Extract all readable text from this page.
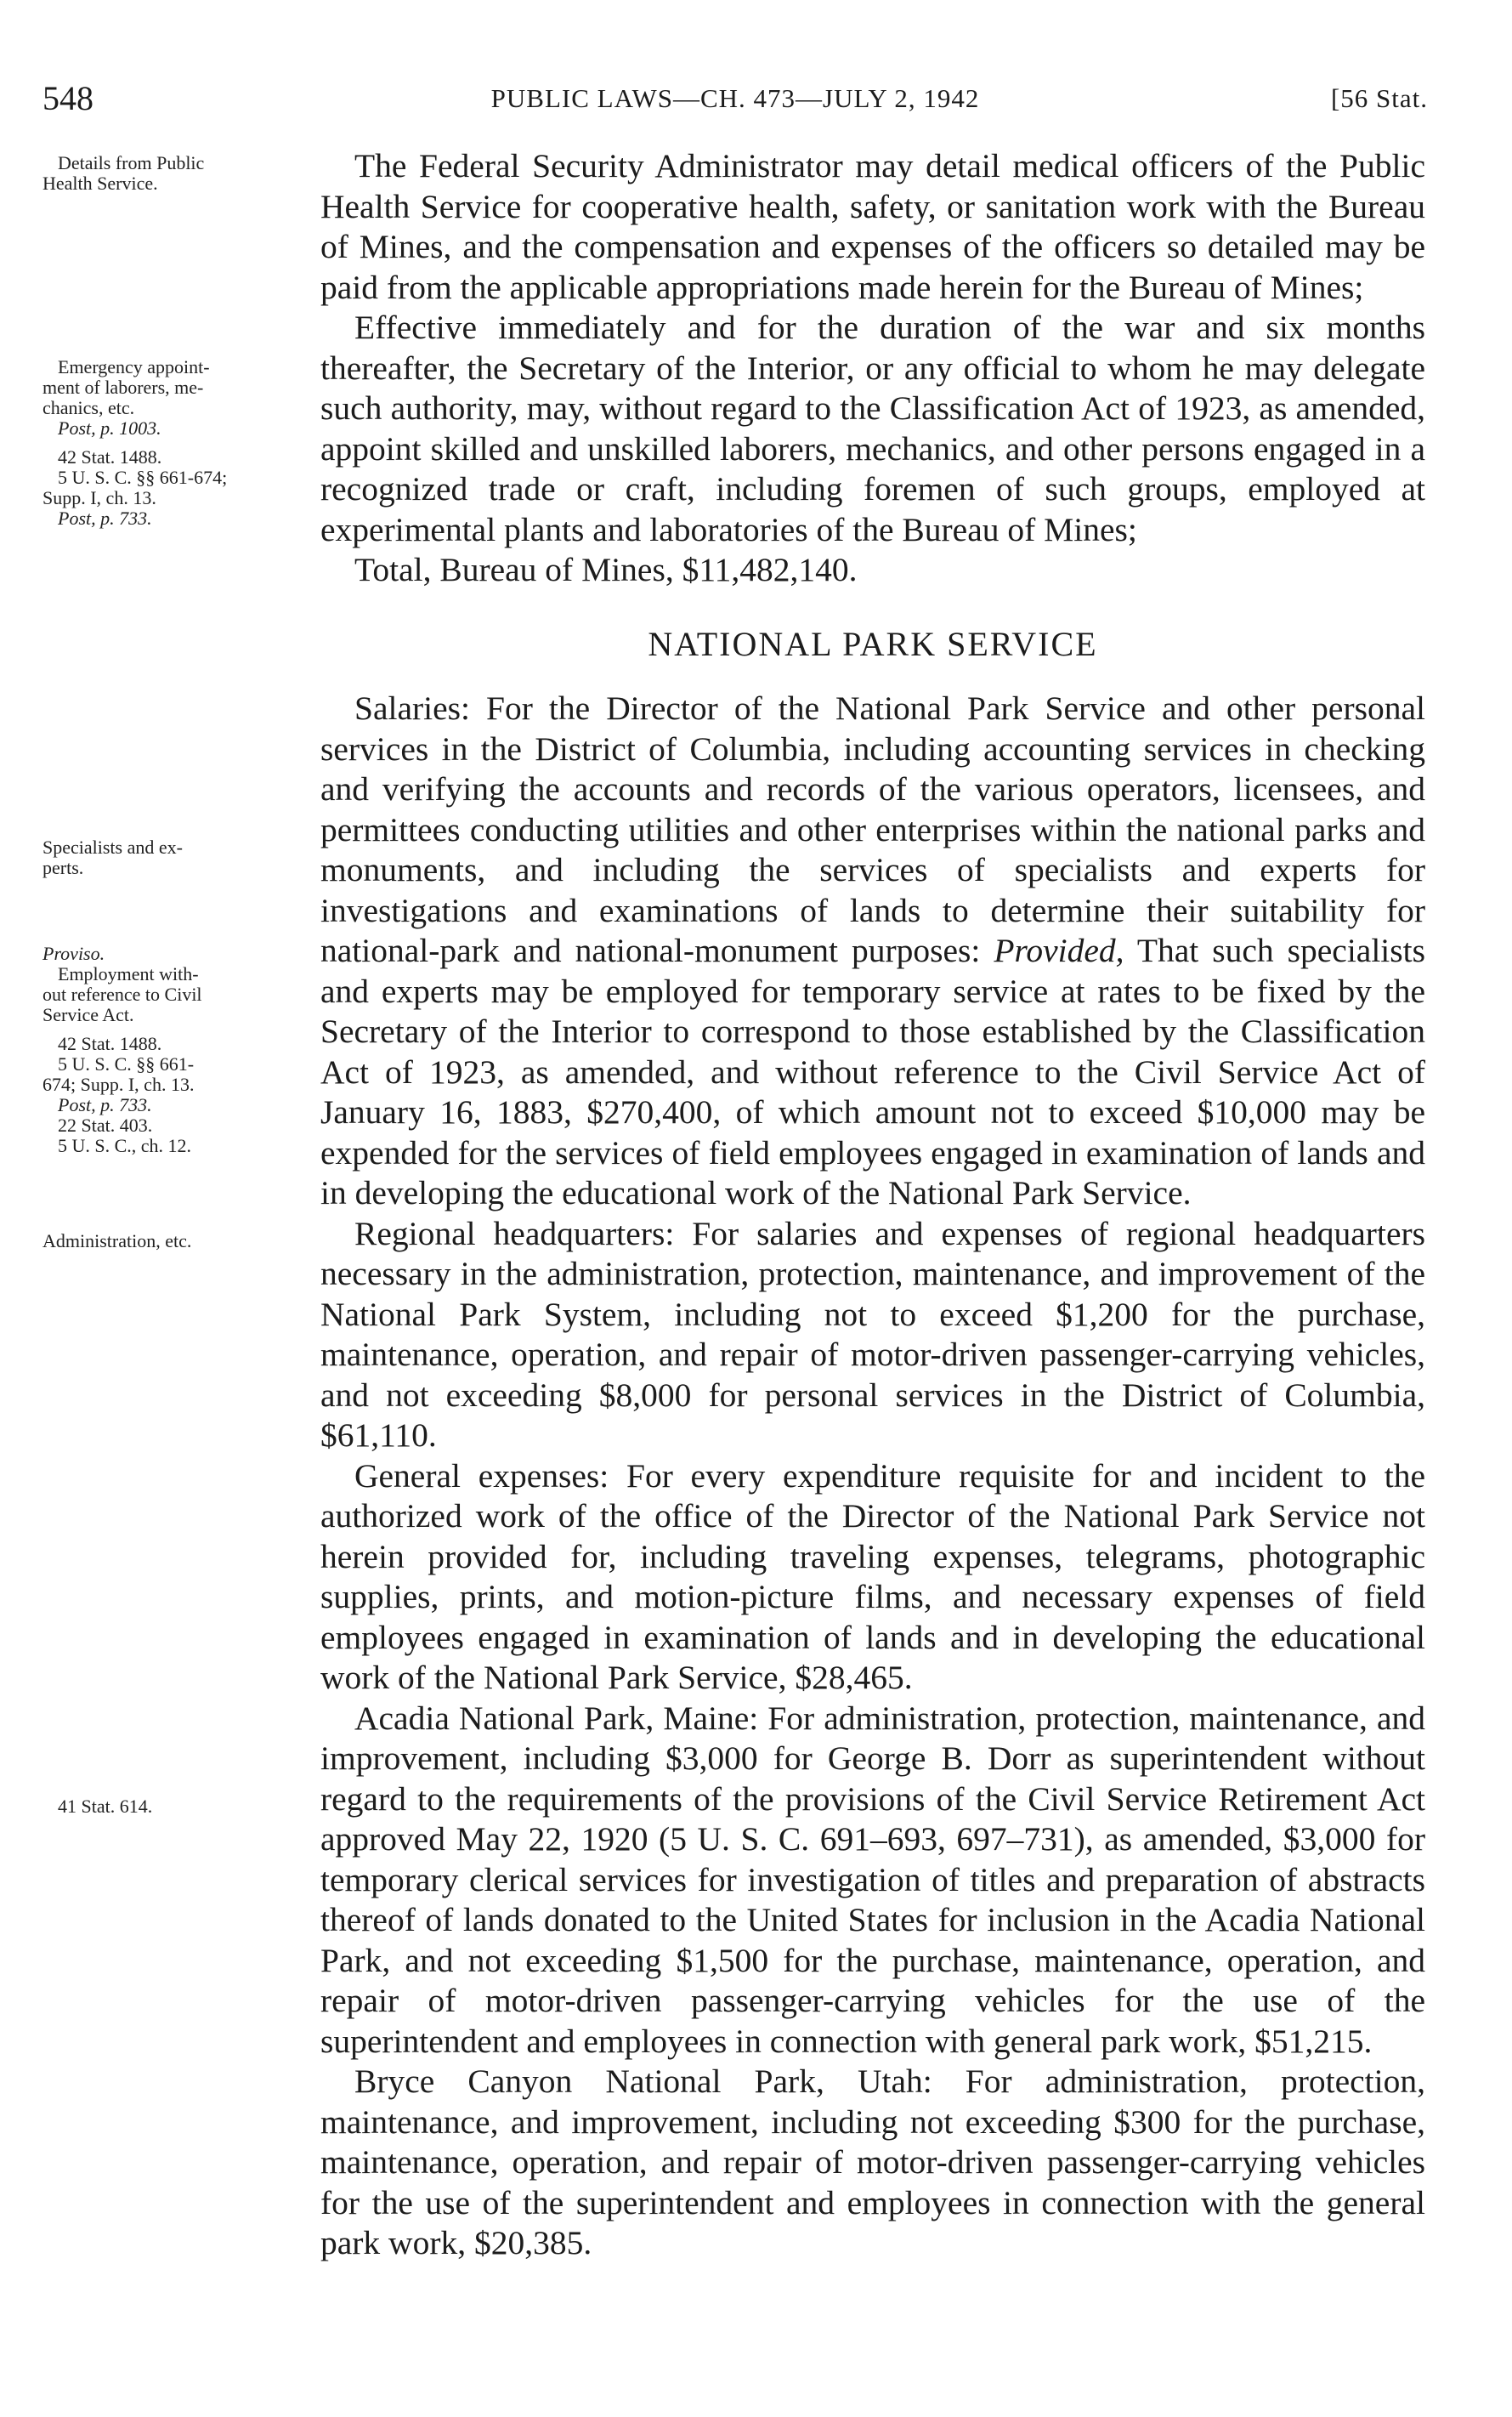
548	PUBLIC LAWS—CH. 473—JULY 2, 1942	[56 Stat.
Details from Public
Health Service.
Emergency appoint-
ment of laborers, me-
chanics, etc.
Post, p. 1003.
42 Stat. 1488.
5 U. S. C. §§ 661-674;
Supp. I, ch. 13.
Post, p. 733.
Specialists and ex-
perts.
Proviso.
Employment with-
out reference to Civil
Service Act.
42 Stat. 1488.
5 U. S. C. §§ 661-
674; Supp. I, ch. 13.
Post, p. 733.
22 Stat. 403.
5 U. S. C., ch. 12.
Administration, etc.
41 Stat. 614.

The Federal Security Administrator may detail medical officers of the Public Health Service for cooperative health, safety, or sanitation work with the Bureau of Mines, and the compensation and expenses of the officers so detailed may be paid from the applicable appropriations made herein for the Bureau of Mines;

Effective immediately and for the duration of the war and six months thereafter, the Secretary of the Interior, or any official to whom he may delegate such authority, may, without regard to the Classification Act of 1923, as amended, appoint skilled and unskilled laborers, mechanics, and other persons engaged in a recognized trade or craft, including foremen of such groups, employed at experimental plants and laboratories of the Bureau of Mines;

Total, Bureau of Mines, $11,482,140.

NATIONAL PARK SERVICE

Salaries: For the Director of the National Park Service and other personal services in the District of Columbia, including accounting services in checking and verifying the accounts and records of the various operators, licensees, and permittees conducting utilities and other enterprises within the national parks and monuments, and including the services of specialists and experts for investigations and examinations of lands to determine their suitability for national-park and national-monument purposes: Provided, That such specialists and experts may be employed for temporary service at rates to be fixed by the Secretary of the Interior to correspond to those established by the Classification Act of 1923, as amended, and without reference to the Civil Service Act of January 16, 1883, $270,400, of which amount not to exceed $10,000 may be expended for the services of field employees engaged in examination of lands and in developing the educational work of the National Park Service.

Regional headquarters: For salaries and expenses of regional headquarters necessary in the administration, protection, maintenance, and improvement of the National Park System, including not to exceed $1,200 for the purchase, maintenance, operation, and repair of motor-driven passenger-carrying vehicles, and not exceeding $8,000 for personal services in the District of Columbia, $61,110.

General expenses: For every expenditure requisite for and incident to the authorized work of the office of the Director of the National Park Service not herein provided for, including traveling expenses, telegrams, photographic supplies, prints, and motion-picture films, and necessary expenses of field employees engaged in examination of lands and in developing the educational work of the National Park Service, $28,465.

Acadia National Park, Maine: For administration, protection, maintenance, and improvement, including $3,000 for George B. Dorr as superintendent without regard to the requirements of the provisions of the Civil Service Retirement Act approved May 22, 1920 (5 U. S. C. 691–693, 697–731), as amended, $3,000 for temporary clerical services for investigation of titles and preparation of abstracts thereof of lands donated to the United States for inclusion in the Acadia National Park, and not exceeding $1,500 for the purchase, maintenance, operation, and repair of motor-driven passenger-carrying vehicles for the use of the superintendent and employees in connection with general park work, $51,215.

Bryce Canyon National Park, Utah: For administration, protection, maintenance, and improvement, including not exceeding $300 for the purchase, maintenance, operation, and repair of motor-driven passenger-carrying vehicles for the use of the superintendent and employees in connection with the general park work, $20,385.
